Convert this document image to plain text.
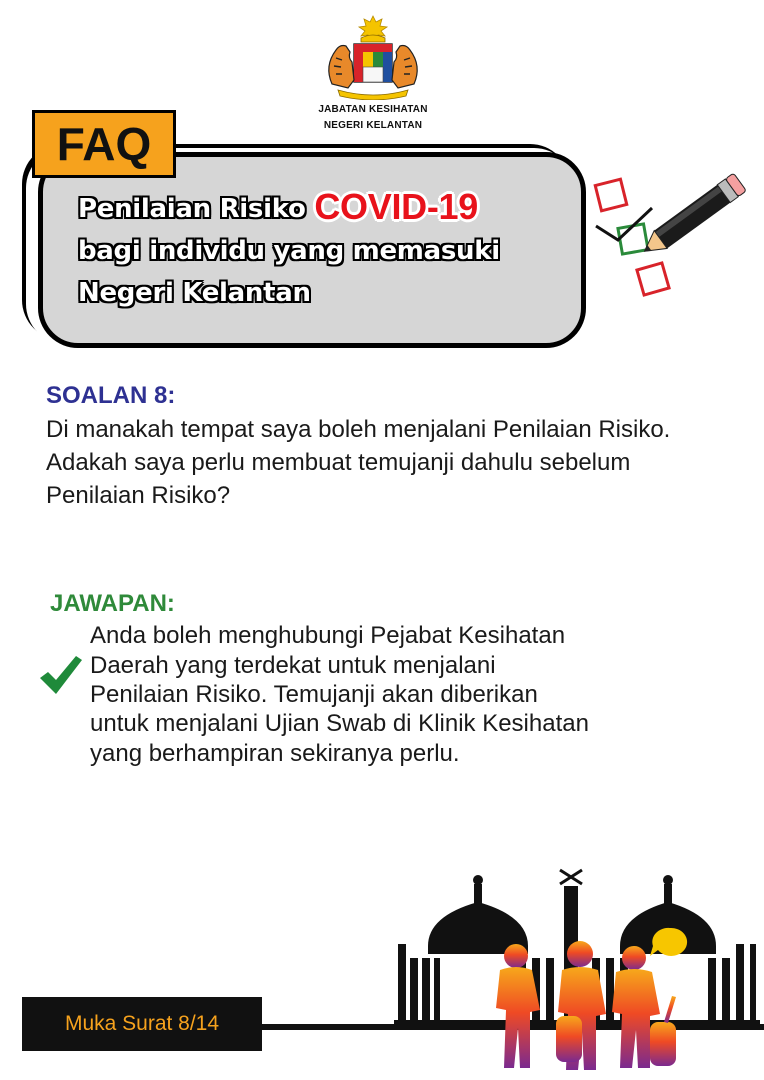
JABATAN KESIHATAN
NEGERI KELANTAN
FAQ
Penilaian Risiko COVID-19
bagi individu yang memasuki
Negeri Kelantan
SOALAN 8:
Di manakah tempat saya boleh menjalani Penilaian Risiko.
Adakah saya perlu membuat temujanji dahulu sebelum
Penilaian Risiko?
JAWAPAN:
Anda boleh menghubungi Pejabat Kesihatan
Daerah yang terdekat untuk menjalani
Penilaian Risiko. Temujanji akan diberikan
untuk menjalani Ujian Swab di Klinik Kesihatan
yang berhampiran sekiranya perlu.
Muka Surat 8/14
